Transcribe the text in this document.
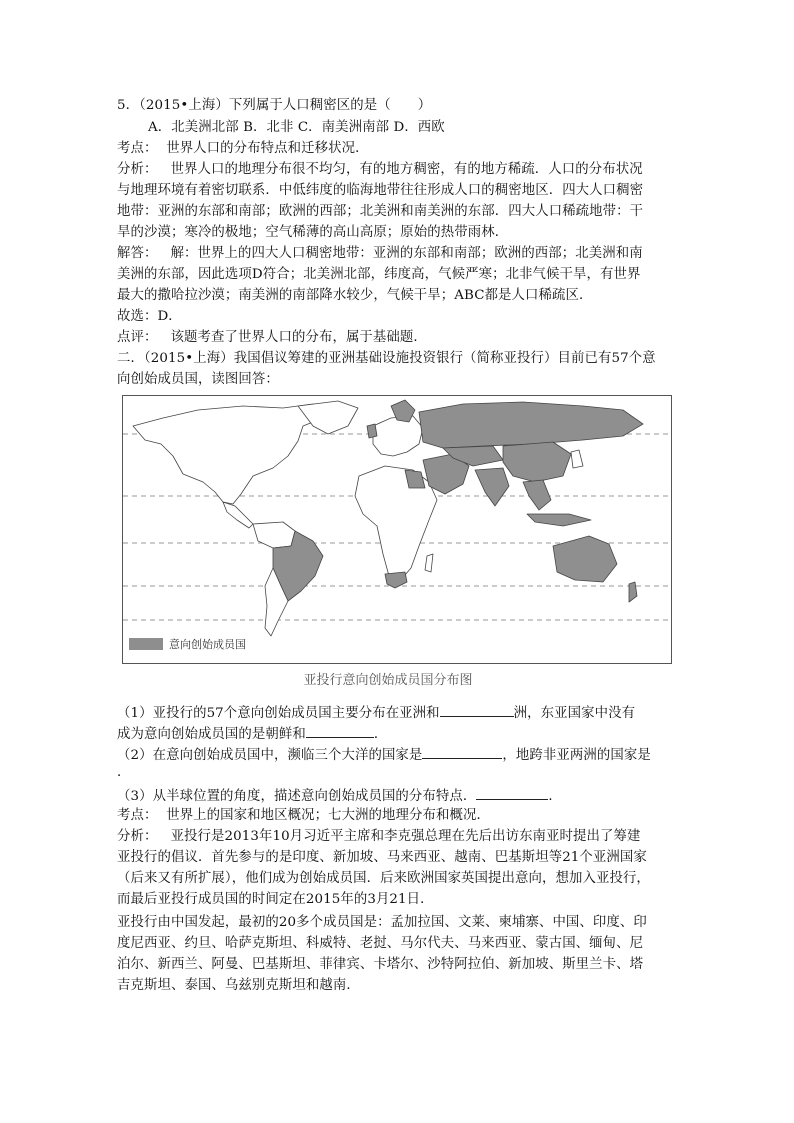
5．（2015•上海）下列属于人口稠密区的是（　　）
A．北美洲北部 B．北非 C．南美洲南部 D．西欧
考点： 世界人口的分布特点和迁移状况．
分析： 世界人口的地理分布很不均匀，有的地方稠密，有的地方稀疏．人口的分布状况
与地理环境有着密切联系．中低纬度的临海地带往往形成人口的稠密地区．四大人口稠密
地带：亚洲的东部和南部；欧洲的西部；北美洲和南美洲的东部．四大人口稀疏地带：干
旱的沙漠；寒冷的极地；空气稀薄的高山高原；原始的热带雨林．
解答： 解：世界上的四大人口稠密地带：亚洲的东部和南部；欧洲的西部；北美洲和南
美洲的东部，因此选项D符合；北美洲北部，纬度高，气候严寒；北非气候干旱，有世界
最大的撒哈拉沙漠；南美洲的南部降水较少，气候干旱；ABC都是人口稀疏区．
故选：D．
点评： 该题考查了世界人口的分布，属于基础题．
二．（2015•上海）我国倡议筹建的亚洲基础设施投资银行（简称亚投行）目前已有57个意
向创始成员国，读图回答：
意向创始成员国
亚投行意向创始成员国分布图
（1）亚投行的57个意向创始成员国主要分布在亚洲和	洲，东亚国家中没有
成为意向创始成员国的是朝鲜和	．
（2）在意向创始成员国中，濒临三个大洋的国家是	，地跨非亚两洲的国家是
．
（3）从半球位置的角度，描述意向创始成员国的分布特点．	．
考点： 世界上的国家和地区概况；七大洲的地理分布和概况．
分析： 亚投行是2013年10月习近平主席和李克强总理在先后出访东南亚时提出了筹建
亚投行的倡议．首先参与的是印度、新加坡、马来西亚、越南、巴基斯坦等21个亚洲国家
（后来又有所扩展），他们成为创始成员国．后来欧洲国家英国提出意向，想加入亚投行，
而最后亚投行成员国的时间定在2015年的3月21日．
亚投行由中国发起，最初的20多个成员国是：孟加拉国、文莱、柬埔寨、中国、印度、印
度尼西亚、约旦、哈萨克斯坦、科威特、老挝、马尔代夫、马来西亚、蒙古国、缅甸、尼
泊尔、新西兰、阿曼、巴基斯坦、菲律宾、卡塔尔、沙特阿拉伯、新加坡、斯里兰卡、塔
吉克斯坦、泰国、乌兹别克斯坦和越南．
